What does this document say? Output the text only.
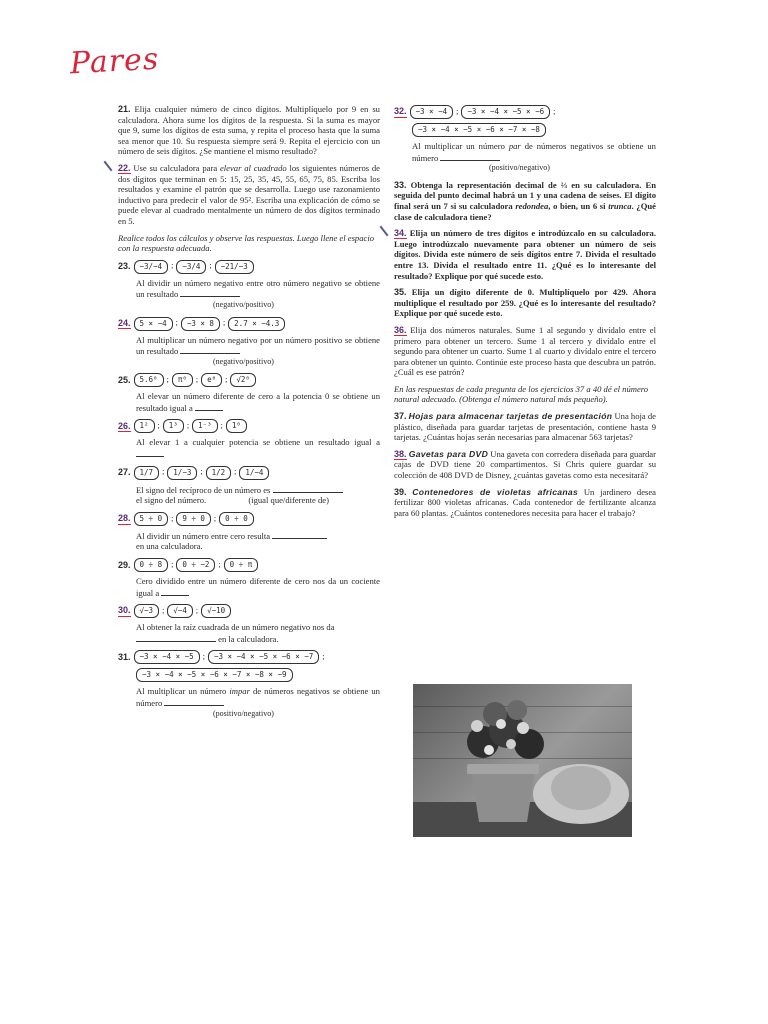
Pares
21. Elija cualquier número de cinco dígitos. Multiplíquelo por 9 en su calculadora. Ahora sume los dígitos de la respuesta. Si la suma es mayor que 9, sume los dígitos de esta suma, y repita el proceso hasta que la suma sea menor que 10. Su respuesta siempre será 9. Repita el ejercicio con un número de seis dígitos. ¿Se mantiene el mismo resultado?
22. Use su calculadora para elevar al cuadrado los siguientes números de dos dígitos que terminan en 5: 15, 25, 35, 45, 55, 65, 75, 85. Escriba los resultados y examine el patrón que se desarrolla. Luego use razonamiento inductivo para predecir el valor de 95². Escriba una explicación de cómo se puede elevar al cuadrado mentalmente un número de dos dígitos terminado en 5.
Realice todos los cálculos y observe las respuestas. Luego llene el espacio con la respuesta adecuada.
23.	−3/−4	;	−3/4	;	−21/−3
Al dividir un número negativo entre otro número negativo se obtiene un resultado
(negativo/positivo)
24.	5 × −4	;	−3 × 8	;	2.7 × −4.3
Al multiplicar un número negativo por un número positivo se obtiene un resultado
(negativo/positivo)
25.	5.6⁰	;	π⁰	;	e⁰	;	√2⁰
Al elevar un número diferente de cero a la potencia 0 se obtiene un resultado igual a
26.	1²	;	1³	;	1⁻³	;	1⁰
Al elevar 1 a cualquier potencia se obtiene un resultado igual a
27.	1/7	;	1/−3	;	1/2	;	1/−4
El signo del recíproco de un número es
el signo del número.	(igual que/diferente de)
28.	5 ÷ 0	;	9 ÷ 0	;	0 ÷ 0
Al dividir un número entre cero resulta
en una calculadora.
29.	0 ÷ 8	;	0 ÷ −2	;	0 ÷ π
Cero dividido entre un número diferente de cero nos da un cociente igual a
30.	√−3	;	√−4	;	√−10
Al obtener la raíz cuadrada de un número negativo nos da
en la calculadora.
31.	−3 × −4 × −5	;	−3 × −4 × −5 × −6 × −7	;
−3 × −4 × −5 × −6 × −7 × −8 × −9
Al multiplicar un número impar de números negativos se obtiene un número
(positivo/negativo)
32.	−3 × −4	;	−3 × −4 × −5 × −6	;
−3 × −4 × −5 × −6 × −7 × −8
Al multiplicar un número par de números negativos se obtiene un número
(positivo/negativo)
33. Obtenga la representación decimal de ⅔ en su calculadora. En seguida del punto decimal habrá un 1 y una cadena de seises. El dígito final será un 7 si su calculadora redondea, o bien, un 6 si trunca. ¿Qué clase de calculadora tiene?
34. Elija un número de tres dígitos e introdúzcalo en su calculadora. Luego introdúzcalo nuevamente para obtener un número de seis dígitos. Divida este número de seis dígitos entre 7. Divida el resultado entre 13. Divida el resultado entre 11. ¿Qué es lo interesante del resultado? Explique por qué sucede esto.
35. Elija un dígito diferente de 0. Multiplíquelo por 429. Ahora multiplique el resultado por 259. ¿Qué es lo interesante del resultado? Explique por qué sucede esto.
36. Elija dos números naturales. Sume 1 al segundo y divídalo entre el primero para obtener un tercero. Sume 1 al tercero y divídalo entre el segundo para obtener un cuarto. Sume 1 al cuarto y divídalo entre el tercero para obtener un quinto. Continúe este proceso hasta que descubra un patrón. ¿Cuál es ese patrón?
En las respuestas de cada pregunta de los ejercicios 37 a 40 dé el número natural adecuado. (Obtenga el número natural más pequeño).
37. Hojas para almacenar tarjetas de presentación Una hoja de plástico, diseñada para guardar tarjetas de presentación, contiene hasta 9 tarjetas. ¿Cuántas hojas serán necesarias para almacenar 563 tarjetas?
38. Gavetas para DVD Una gaveta con corredera diseñada para guardar cajas de DVD tiene 20 compartimentos. Si Chris quiere guardar su colección de 408 DVD de Disney, ¿cuántas gavetas como esta necesitará?
39. Contenedores de violetas africanas Un jardinero desea fertilizar 800 violetas africanas. Cada contenedor de fertilizante alcanza para 60 plantas. ¿Cuántos contenedores necesita para hacer el trabajo?
